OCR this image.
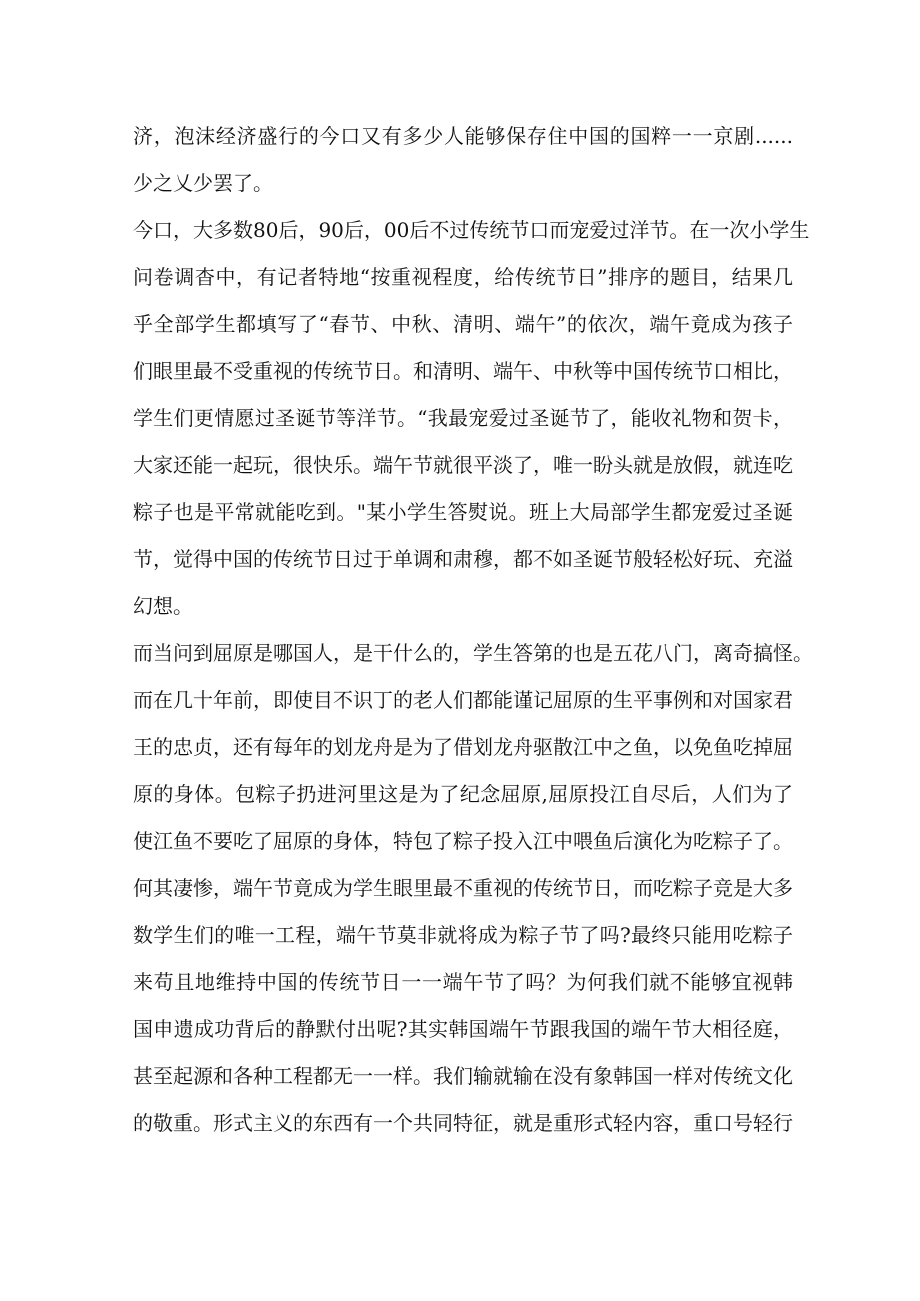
济，泡沫经济盛行的今口又有多少人能够保存住中国的国粹一一京剧......
少之乂少罢了。
今口，大多数80后，90后，00后不过传统节口而宠爱过洋节。在一次小学生
问卷调杳中，有记者特地“按重视程度，给传统节日”排序的题目，结果几
乎全部学生都填写了“春节、中秋、清明、端午”的依次，端午竟成为孩子
们眼里最不受重视的传统节日。和清明、端午、中秋等中国传统节口相比，
学生们更情愿过圣诞节等洋节。“我最宠爱过圣诞节了，能收礼物和贺卡，
大家还能一起玩，很快乐。端午节就很平淡了，唯一盼头就是放假，就连吃
粽子也是平常就能吃到。"某小学生答熨说。班上大局部学生都宠爱过圣诞
节，觉得中国的传统节日过于单调和肃穆，都不如圣诞节般轻松好玩、充溢
幻想。
而当问到屈原是哪国人，是干什么的，学生答第的也是五花八门，离奇搞怪。
而在几十年前，即使目不识丁的老人们都能谨记屈原的生平事例和对国家君
王的忠贞，还有每年的划龙舟是为了借划龙舟驱散江中之鱼，以免鱼吃掉屈
原的身体。包粽子扔进河里这是为了纪念屈原,屈原投江自尽后，人们为了
使江鱼不要吃了屈原的身体，特包了粽子投入江中喂鱼后演化为吃粽子了。
何其凄惨，端午节竟成为学生眼里最不重视的传统节日，而吃粽子竞是大多
数学生们的唯一工程，端午节莫非就将成为粽子节了吗?最终只能用吃粽子
来苟且地维持中国的传统节日一一端午节了吗？为何我们就不能够宜视韩
国申遗成功背后的静默付出呢?其实韩国端午节跟我国的端午节大相径庭，
甚至起源和各种工程都无一一样。我们输就输在没有象韩国一样对传统文化
的敬重。形式主义的东西有一个共同特征，就是重形式轻内容，重口号轻行
